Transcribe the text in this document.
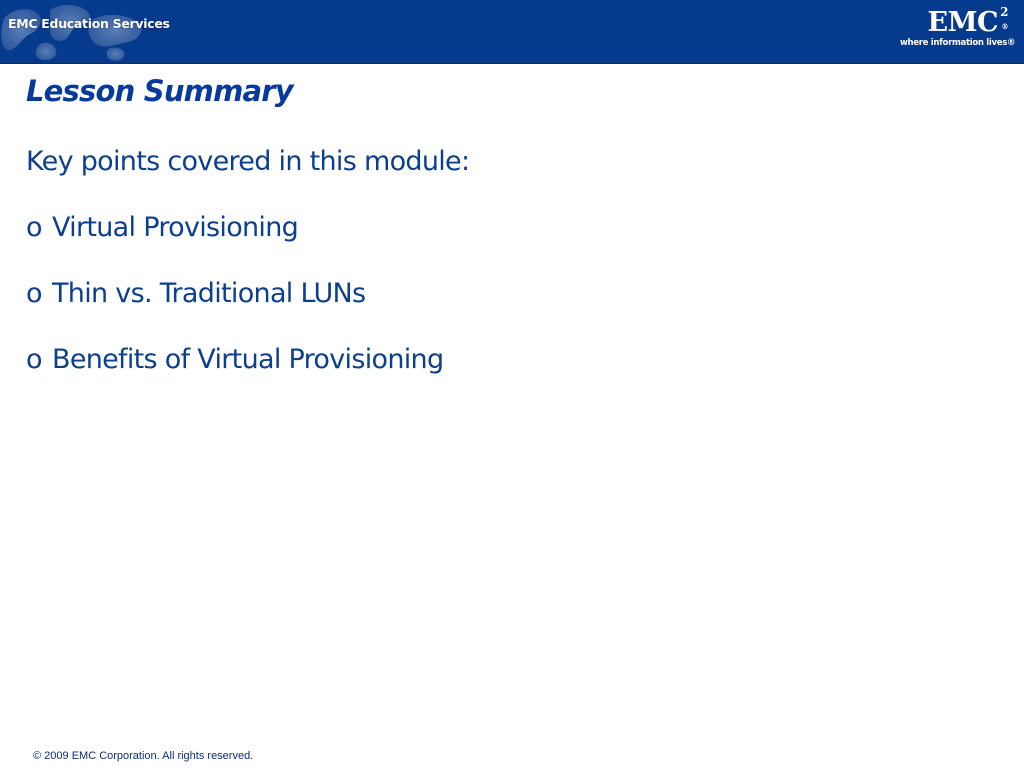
EMC Education Services	EMC 2
®
where information lives®
Lesson Summary
Key points covered in this module:
o Virtual Provisioning
o Thin vs. Traditional LUNs
o Benefits of Virtual Provisioning
© 2009 EMC Corporation. All rights reserved.
